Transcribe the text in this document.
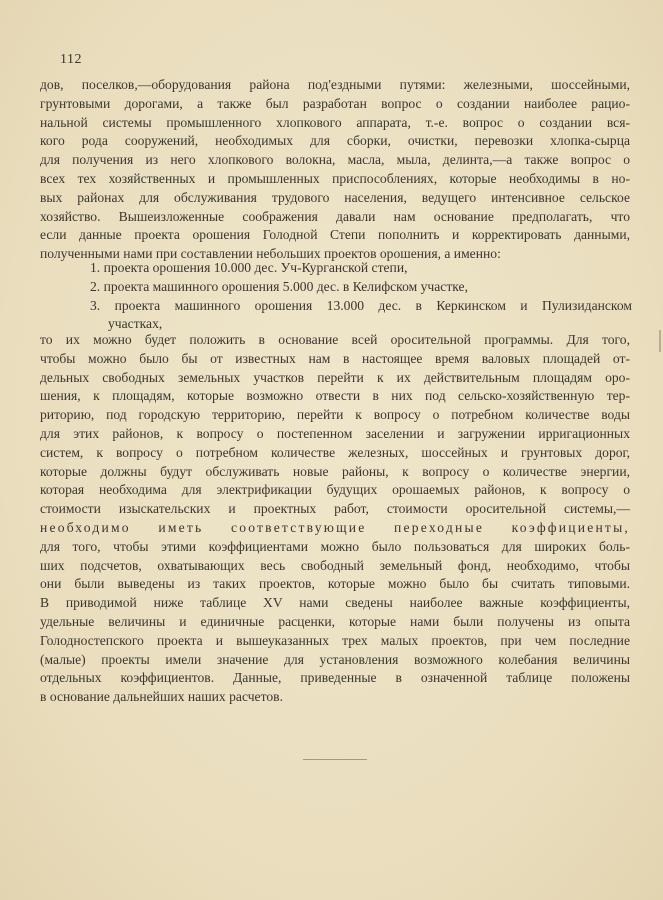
112
дов, поселков,—оборудования района под'ездными путями: железными, шоссейными,
грунтовыми дорогами, а также был разработан вопрос о создании наиболее рацио-
нальной системы промышленного хлопкового аппарата, т.-е. вопрос о создании вся-
кого рода сооружений, необходимых для сборки, очистки, перевозки хлопка-сырца
для получения из него хлопкового волокна, масла, мыла, делинта,—а также вопрос о
всех тех хозяйственных и промышленных приспособлениях, которые необходимы в но-
вых районах для обслуживания трудового населения, ведущего интенсивное сельское
хозяйство. Вышеизложенные соображения давали нам основание предполагать, что
если данные проекта орошения Голодной Степи пополнить и корректировать данными,
полученными нами при составлении небольших проектов орошения, а именно:
1. проекта орошения 10.000 дес. Уч-Курганской степи,
2. проекта машинного орошения 5.000 дес. в Келифском участке,
3. проекта машинного орошения 13.000 дес. в Керкинском и Пулизиданском
участках,
то их можно будет положить в основание всей оросительной программы. Для того,
чтобы можно было бы от известных нам в настоящее время валовых площадей от-
дельных свободных земельных участков перейти к их действительным площадям оро-
шения, к площадям, которые возможно отвести в них под сельско-хозяйственную тер-
риторию, под городскую территорию, перейти к вопросу о потребном количестве воды
для этих районов, к вопросу о постепенном заселении и загружении ирригационных
систем, к вопросу о потребном количестве железных, шоссейных и грунтовых дорог,
которые должны будут обслуживать новые районы, к вопросу о количестве энергии,
которая необходима для электрификации будущих орошаемых районов, к вопросу о
стоимости изыскательских и проектных работ, стоимости оросительной системы,—
необходимо иметь соответствующие переходные коэффициенты,
для того, чтобы этими коэффициентами можно было пользоваться для широких боль-
ших подсчетов, охватывающих весь свободный земельный фонд, необходимо, чтобы
они были выведены из таких проектов, которые можно было бы считать типовыми.
В приводимой ниже таблице XV нами сведены наиболее важные коэффициенты,
удельные величины и единичные расценки, которые нами были получены из опыта
Голодностепского проекта и вышеуказанных трех малых проектов, при чем последние
(малые) проекты имели значение для установления возможного колебания величины
отдельных коэффициентов. Данные, приведенные в означенной таблице положены
в основание дальнейших наших расчетов.
